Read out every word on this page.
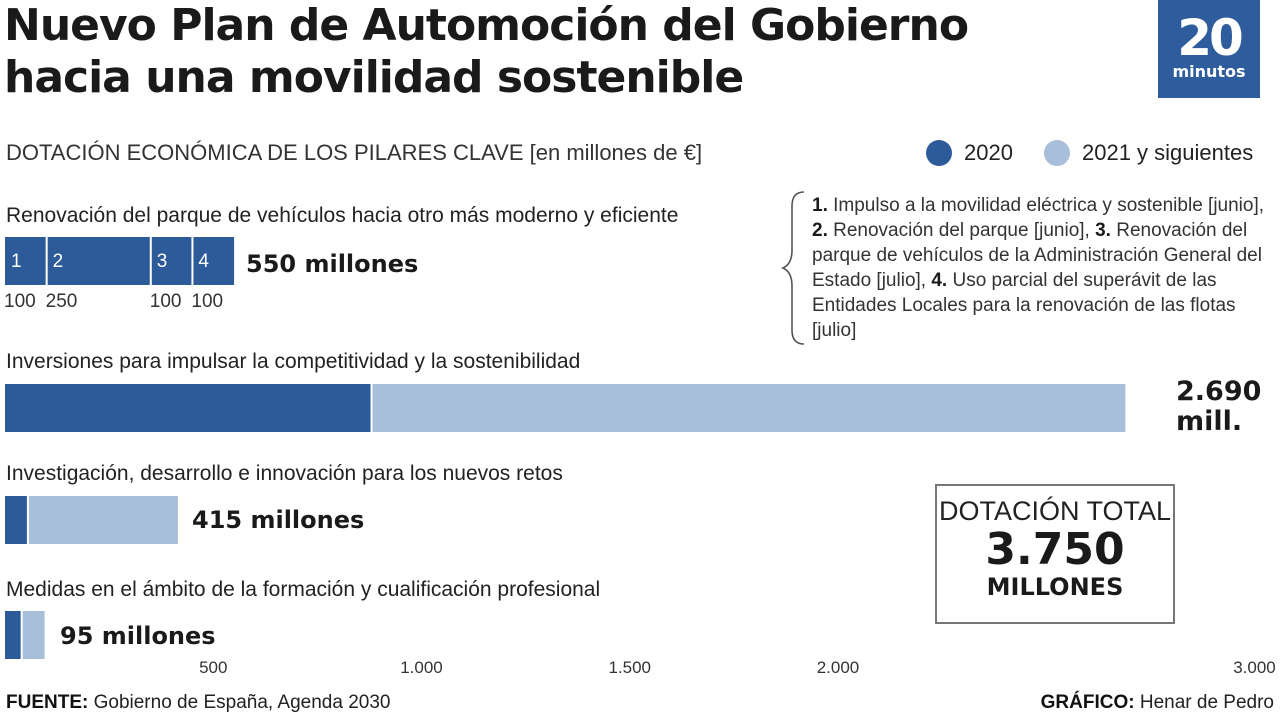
Nuevo Plan de Automoción del Gobierno
hacia una movilidad sostenible
20
minutos
DOTACIÓN ECONÓMICA DE LOS PILARES CLAVE [en millones de €]	2020	2021 y siguientes
Renovación del parque de vehículos hacia otro más moderno y eficiente
Inversiones para impulsar la competitividad y la sostenibilidad
Investigación, desarrollo e innovación para los nuevos retos
Medidas en el ámbito de la formación y cualificación profesional
550 millones
2.690
mill.
415 millones
95 millones
1. Impulso a la movilidad eléctrica y sostenible [junio], 2. Renovación del parque [junio], 3. Renovación del parque de vehículos de la Administración General del Estado [julio], 4. Uso parcial del superávit de las Entidades Locales para la renovación de las flotas [julio]
DOTACIÓN TOTAL
3.750
MILLONES
1
100
2
250
3
100
4
100
500	1.000	1.500	2.000	3.000
FUENTE: Gobierno de España, Agenda 2030	GRÁFICO: Henar de Pedro
